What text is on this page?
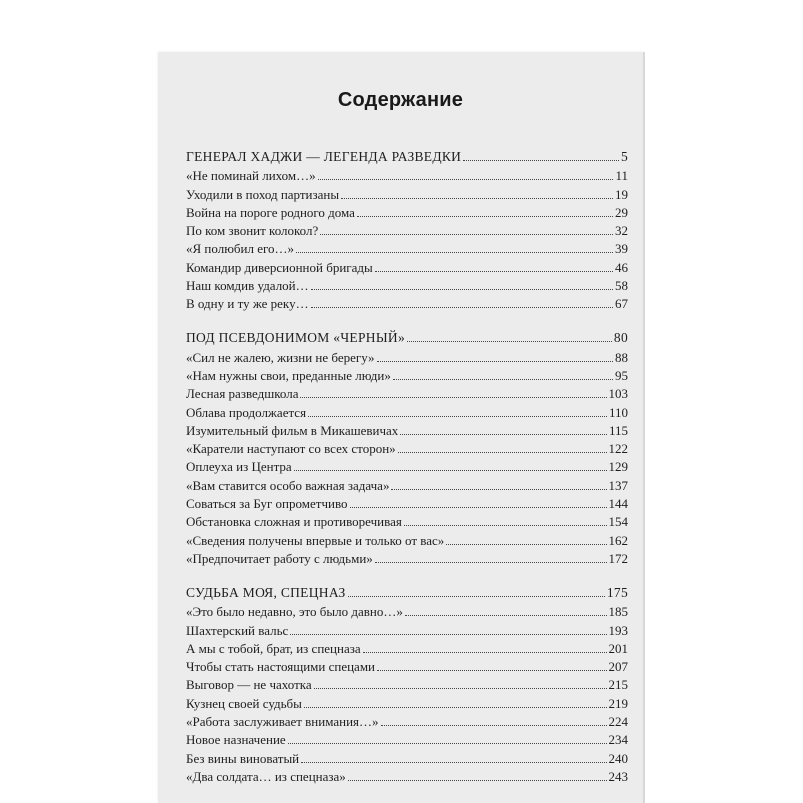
Содержание
ГЕНЕРАЛ ХАДЖИ — ЛЕГЕНДА РАЗВЕДКИ	5
«Не поминай лихом…»	11
Уходили в поход партизаны	19
Война на пороге родного дома	29
По ком звонит колокол?	32
«Я полюбил его…»	39
Командир диверсионной бригады	46
Наш комдив удалой…	58
В одну и ту же реку…	67
ПОД ПСЕВДОНИМОМ «ЧЕРНЫЙ»	80
«Сил не жалею, жизни не берегу»	88
«Нам нужны свои, преданные люди»	95
Лесная разведшкола	103
Облава продолжается	110
Изумительный фильм в Микашевичах	115
«Каратели наступают со всех сторон»	122
Оплеуха из Центра	129
«Вам ставится особо важная задача»	137
Соваться за Буг опрометчиво	144
Обстановка сложная и противоречивая	154
«Сведения получены впервые и только от вас»	162
«Предпочитает работу с людьми»	172
СУДЬБА МОЯ, СПЕЦНАЗ	175
«Это было недавно, это было давно…»	185
Шахтерский вальс	193
А мы с тобой, брат, из спецназа	201
Чтобы стать настоящими спецами	207
Выговор — не чахотка	215
Кузнец своей судьбы	219
«Работа заслуживает внимания…»	224
Новое назначение	234
Без вины виноватый	240
«Два солдата… из спецназа»	243
